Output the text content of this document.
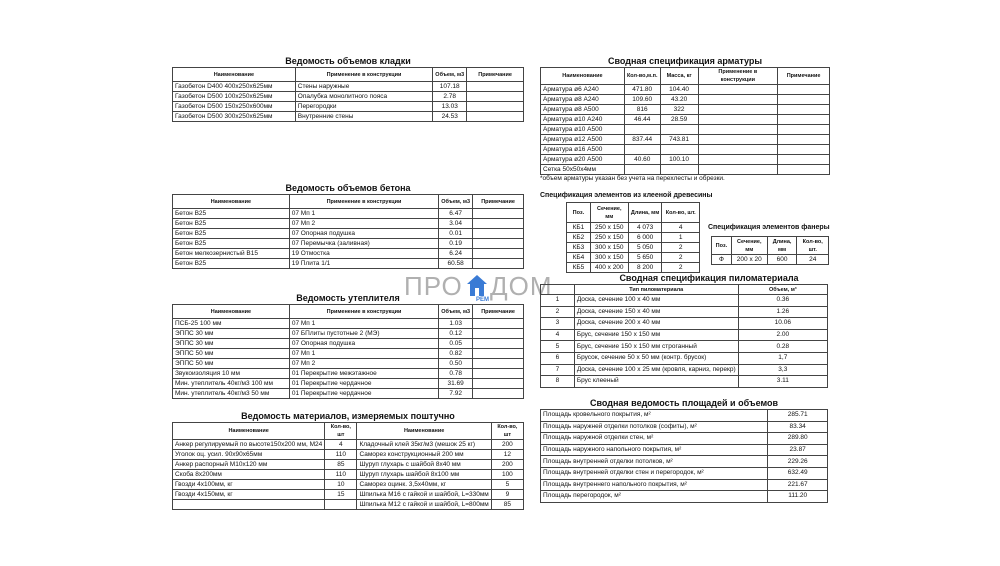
Ведомость объемов кладки
Наименование	Применение в конструкции	Объем, м3	Примечание
Газобетон D400 400х250х625мм	Стены наружные	107.18	
Газобетон D500 100х250х625мм	Опалубка монолитного пояса	2.78	
Газобетон D500 150х250х600мм	Перегородки	13.03	
Газобетон D500 300х250х625мм	Внутренние стены	24.53	
Ведомость объемов бетона
Наименование	Применение в конструкции	Объем, м3	Примечание
Бетон В25	07 Мп 1	6.47	
Бетон В25	07 Мп 2	3.04	
Бетон В25	07 Опорная подушка	0.01	
Бетон В25	07 Перемычка (заливная)	0.19	
Бетон мелкозернистый В15	19 Отмостка	6.24	
Бетон В25	19 Плита 1/1	60.58	
Ведомость утеплителя
Наименование	Применение в конструкции	Объем, м3	Примечание
ПСБ-25 100 мм	07 Мп 1	1.03	
ЭППС 30 мм	07 БПлиты пустотные 2 (МЭ)	0.12	
ЭППС 30 мм	07 Опорная подушка	0.05	
ЭППС 50 мм	07 Мп 1	0.82	
ЭППС 50 мм	07 Мп 2	0.50	
Звукоизоляция 10 мм	01 Перекрытие межэтажное	0.78	
Мин. утеплитель 40кг/м3 100 мм	01 Перекрытие чердачное	31.69	
Мин. утеплитель 40кг/м3 50 мм	01 Перекрытие чердачное	7.92	
Ведомость материалов, измеряемых поштучно
Наименование	Кол-во, шт	Наименование	Кол-во, шт
Анкер регулируемый по высоте150х200 мм, М24	4	Кладочный клей 35кг/м3 (мешок 25 кг)	200
Уголок оц. усил. 90х90х65мм	110	Саморез конструкционный 200 мм	12
Анкер распорный М10х120 мм	85	Шуруп глухарь с шайбой 8х40 мм	200
Скоба 8х200мм	110	Шуруп глухарь шайбой 8х100 мм	100
Гвозди 4х100мм, кг	10	Саморез оцинк. 3,5х40мм, кг	5
Гвозди 4х150мм, кг	15	Шпилька М16 с гайкой и шайбой, L=330мм	9
		Шпилька М12 с гайкой и шайбой, L=800мм	85
Сводная спецификация арматуры
Наименование	Кол-во,м.п.	Масса, кг	Применение в конструкции	Примечание
Арматура ø6 А240	471.80	104.40		
Арматура ø8 А240	109.60	43.20		
Арматура ø8 А500	816	322		
Арматура ø10 А240	46.44	28.59		
Арматура ø10 А500				
Арматура ø12 А500	837.44	743.81		
Арматура ø16 А500				
Арматура ø20 А500	40.60	100.10		
Сетка 50х50х4мм				
*объем арматуры указан без учета на перехлесты и обрезки.
Спецификация элементов из клееной древесины
Поз.	Сечение, мм	Длина, мм	Кол-во, шт.
КБ1	250 х 150	4 073	4
КБ2	250 х 150	6 000	1
КБ3	300 х 150	5 050	2
КБ4	300 х 150	5 650	2
КБ5	400 х 200	8 200	2
Спецификация элементов фанеры
Поз.	Сечение, мм	Длина, мм	Кол-во, шт.
Ф	200 х 20	600	24
ПРО ДОМ
РЕМ
Сводная спецификация пиломатериала
	Тип пиломатериала	Объем, м³
1	Доска, сечение 100 х 40 мм	0.36
2	Доска, сечение 150 х 40 мм	1.26
3	Доска, сечение 200 х 40 мм	10.06
4	Брус, сечение 150 х 150 мм	2.00
5	Брус, сечение 150 х 150 мм строганный	0.28
6	Брусок, сечение 50 х 50 мм (контр. брусок)	1,7
7	Доска, сечение 100 х 25 мм (кровля, карниз, перекр)	3,3
8	Брус клееный	3.11
Сводная ведомость площадей и объемов
Площадь кровельного покрытия, м²	285.71
Площадь наружней отделки потолков (софиты), м²	83.34
Площадь наружной отделки стен, м²	289.80
Площадь наружного напольного покрытия, м²	23.87
Площадь внутренней отделки потолков, м²	229.26
Площадь внутренней отделки стен и перегородок, м²	632.49
Площадь внутреннего напольного покрытия, м²	221.67
Площадь перегородок, м²	111.20
